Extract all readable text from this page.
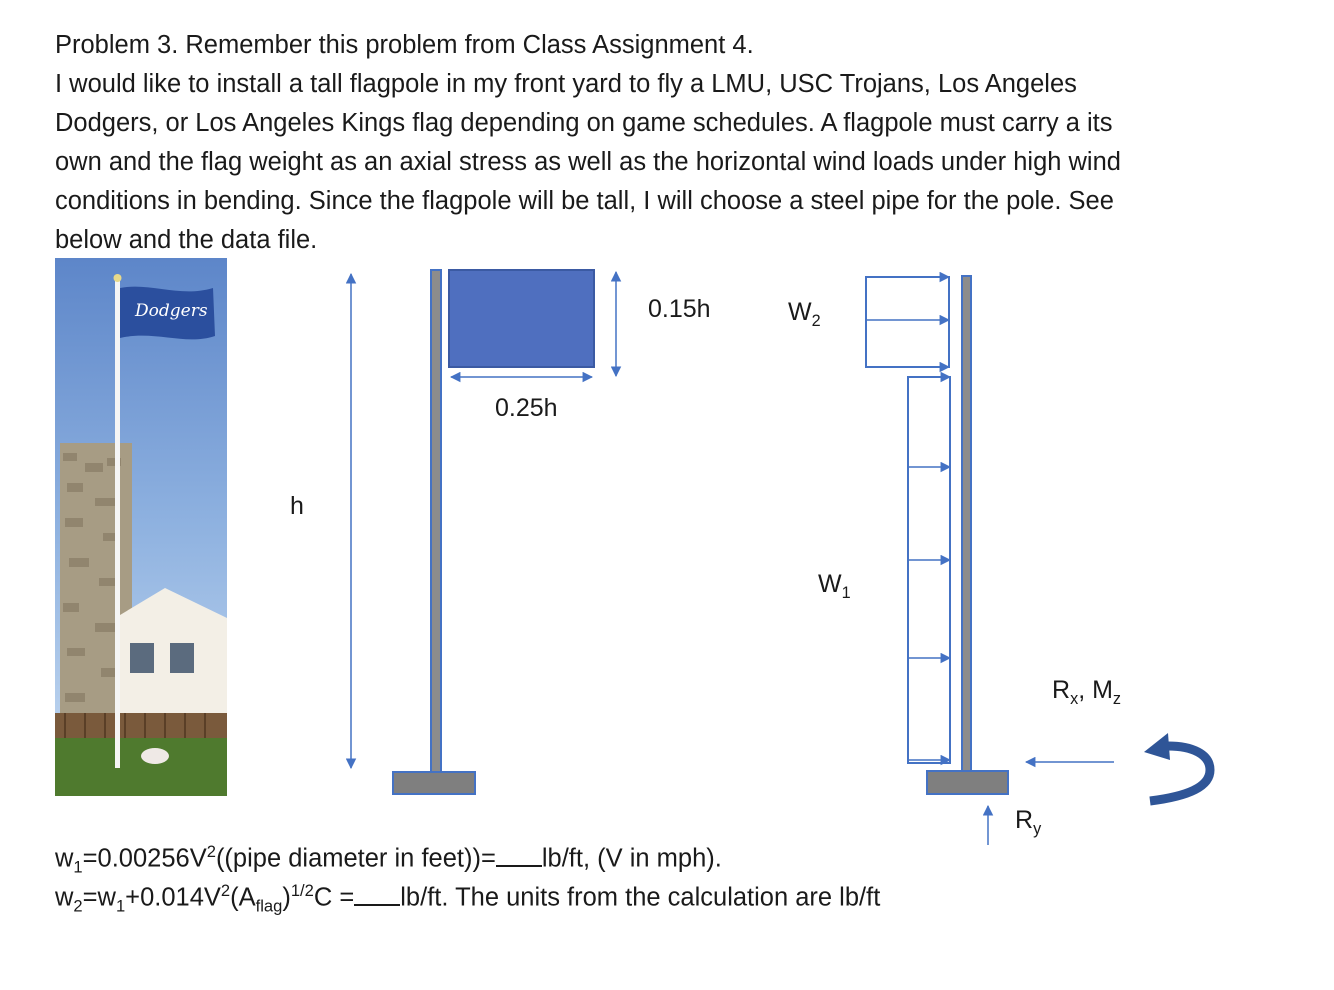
Problem 3. Remember this problem from Class Assignment 4.
I would like to install a tall flagpole in my front yard to fly a LMU, USC Trojans, Los Angeles
Dodgers, or Los Angeles Kings flag depending on game schedules. A flagpole must carry a its
own and the flag weight as an axial stress as well as the horizontal wind loads under high wind
conditions in bending. Since the flagpole will be tall, I will choose a steel pipe for the pole. See
below and the data file.
Dodgers
h
0.25h
0.15h	$W_2$
$W_1$
$R_x$, $M_z$
$R_y$
$w_1=0.00256V^2((pipe$ diameter in feet))= lb/ft, (V in mph).
$w_2=w_1+0.014V^2(A_{flag})^{1/2}C = lb/ft$. The units from the calculation are lb/ft
